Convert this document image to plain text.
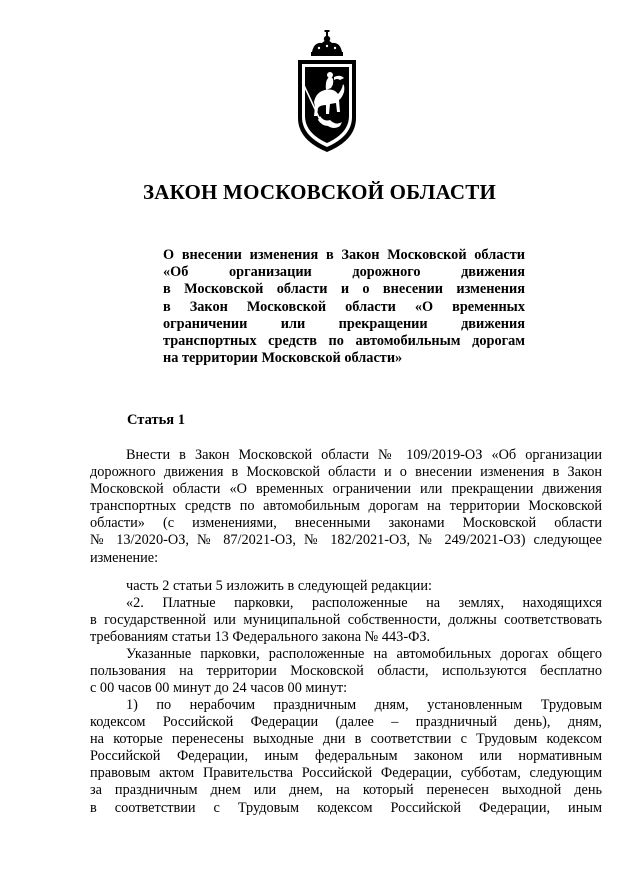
ЗАКОН МОСКОВСКОЙ ОБЛАСТИ
О внесении изменения в Закон Московской области
«Об организации дорожного движения
в Московской области и о внесении изменения
в Закон Московской области «О временных
ограничении или прекращении движения
транспортных средств по автомобильным дорогам
на территории Московской области»
Статья 1
Внести в Закон Московской области № 109/2019-ОЗ «Об организации
дорожного движения в Московской области и о внесении изменения в Закон
Московской области «О временных ограничении или прекращении движения
транспортных средств по автомобильным дорогам на территории Московской
области» (с изменениями, внесенными законами Московской области
№ 13/2020-ОЗ, № 87/2021-ОЗ, № 182/2021-ОЗ, № 249/2021-ОЗ) следующее
изменение:
часть 2 статьи 5 изложить в следующей редакции:
«2. Платные парковки, расположенные на землях, находящихся
в государственной или муниципальной собственности, должны соответствовать
требованиям статьи 13 Федерального закона № 443-ФЗ.
Указанные парковки, расположенные на автомобильных дорогах общего
пользования на территории Московской области, используются бесплатно
с 00 часов 00 минут до 24 часов 00 минут:
1) по нерабочим праздничным дням, установленным Трудовым
кодексом Российской Федерации (далее – праздничный день), дням,
на которые перенесены выходные дни в соответствии с Трудовым кодексом
Российской Федерации, иным федеральным законом или нормативным
правовым актом Правительства Российской Федерации, субботам, следующим
за праздничным днем или днем, на который перенесен выходной день
в соответствии с Трудовым кодексом Российской Федерации, иным
